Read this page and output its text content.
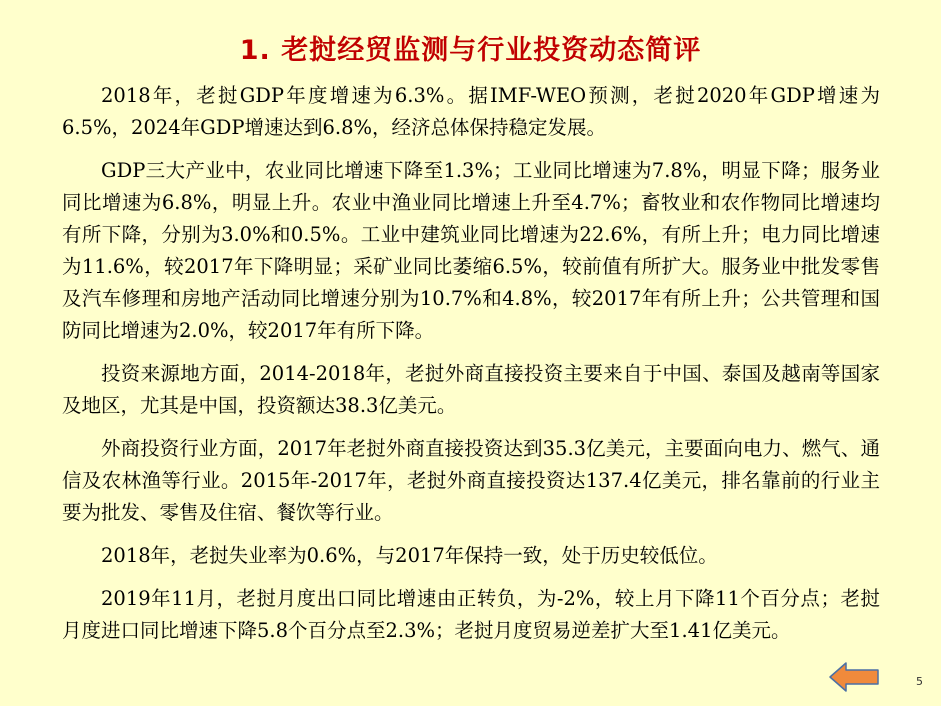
1. 老挝经贸监测与行业投资动态简评

2018年，老挝GDP年度增速为6.3%。据IMF-WEO预测，老挝2020年GDP增速为6.5%，2024年GDP增速达到6.8%，经济总体保持稳定发展。

GDP三大产业中，农业同比增速下降至1.3%；工业同比增速为7.8%，明显下降；服务业同比增速为6.8%，明显上升。农业中渔业同比增速上升至4.7%；畜牧业和农作物同比增速均有所下降，分别为3.0%和0.5%。工业中建筑业同比增速为22.6%，有所上升；电力同比增速为11.6%，较2017年下降明显；采矿业同比萎缩6.5%，较前值有所扩大。服务业中批发零售及汽车修理和房地产活动同比增速分别为10.7%和4.8%，较2017年有所上升；公共管理和国防同比增速为2.0%，较2017年有所下降。

投资来源地方面，2014-2018年，老挝外商直接投资主要来自于中国、泰国及越南等国家及地区，尤其是中国，投资额达38.3亿美元。

外商投资行业方面，2017年老挝外商直接投资达到35.3亿美元，主要面向电力、燃气、通信及农林渔等行业。2015年-2017年，老挝外商直接投资达137.4亿美元，排名靠前的行业主要为批发、零售及住宿、餐饮等行业。

2018年，老挝失业率为0.6%，与2017年保持一致，处于历史较低位。

2019年11月，老挝月度出口同比增速由正转负，为-2%，较上月下降11个百分点；老挝月度进口同比增速下降5.8个百分点至2.3%；老挝月度贸易逆差扩大至1.41亿美元。

5
